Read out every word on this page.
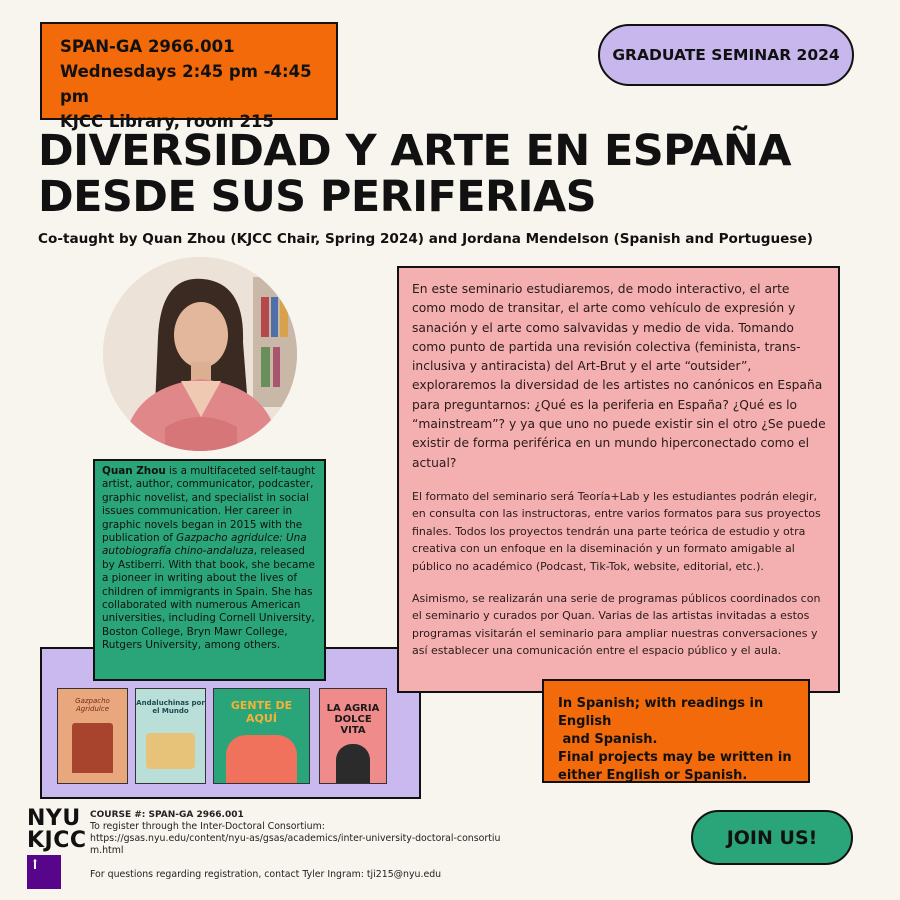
SPAN-GA 2966.001
Wednesdays 2:45 pm -4:45 pm
KJCC Library, room 215
GRADUATE SEMINAR 2024
DIVERSIDAD Y ARTE EN ESPAÑA
DESDE SUS PERIFERIAS
Co-taught by Quan Zhou (KJCC Chair, Spring 2024) and Jordana Mendelson (Spanish and Portuguese)
Gazpacho Agridulce
Andaluchinas por el Mundo	GENTE DE AQUÍ
LA AGRIA DOLCE VITA
Quan Zhou is a multifaceted self-taught artist, author, communicator, podcaster, graphic novelist, and specialist in social issues communication. Her career in graphic novels began in 2015 with the publication of Gazpacho agridulce: Una autobiografía chino-andaluza, released by Astiberri. With that book, she became a pioneer in writing about the lives of children of immigrants in Spain. She has collaborated with numerous American universities, including Cornell University, Boston College, Bryn Mawr College, Rutgers University, among others.

En este seminario estudiaremos, de modo interactivo, el arte como modo de transitar, el arte como vehículo de expresión y sanación y el arte como salvavidas y medio de vida. Tomando como punto de partida una revisión colectiva (feminista, trans-inclusiva y antiracista) del Art-Brut y el arte “outsider”, exploraremos la diversidad de les artistes no canónicos en España para preguntarnos: ¿Qué es la periferia en España? ¿Qué es lo “mainstream”? y ya que uno no puede existir sin el otro ¿Se puede existir de forma periférica en un mundo hiperconectado como el actual?

El formato del seminario será Teoría+Lab y les estudiantes podrán elegir, en consulta con las instructoras, entre varios formatos para sus proyectos finales. Todos los proyectos tendrán una parte teórica de estudio y otra creativa con un enfoque en la diseminación y un formato amigable al público no académico (Podcast, Tik-Tok, website, editorial, etc.).

Asimismo, se realizarán una serie de programas públicos coordinados con el seminario y curados por Quan. Varias de las artistas invitadas a estos programas visitarán el seminario para ampliar nuestras conversaciones y así establecer una comunicación entre el espacio público y el aula.

In Spanish; with readings in English
and Spanish.
Final projects may be written in
either English or Spanish.
NYU
KJCC
COURSE #: SPAN-GA 2966.001
To register through the Inter-Doctoral Consortium:
https://gsas.nyu.edu/content/nyu-as/gsas/academics/inter-university-doctoral-consortium.html
For questions regarding registration, contact Tyler Ingram: tji215@nyu.edu
JOIN US!
